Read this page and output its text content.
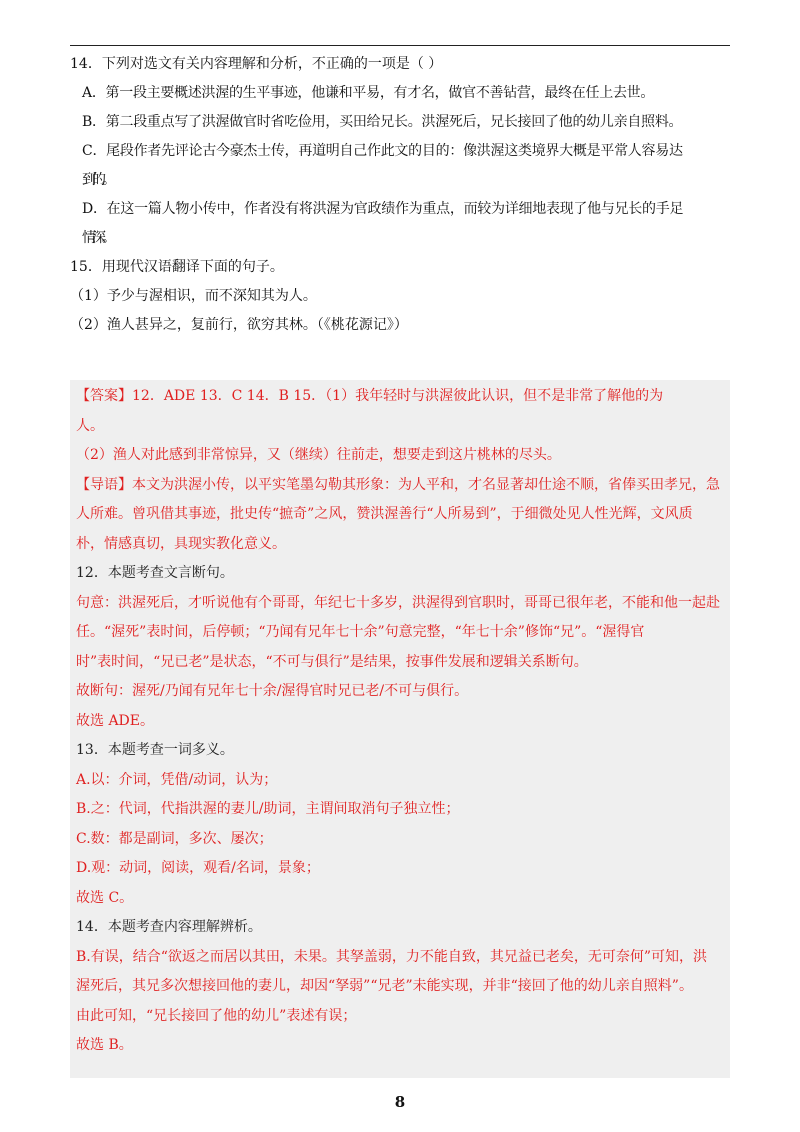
14．下列对选文有关内容理解和分析，不正确的一项是（ ）
A．第一段主要概述洪渥的生平事迹，他谦和平易，有才名，做官不善钻营，最终在任上去世。
B．第二段重点写了洪渥做官时省吃俭用，买田给兄长。洪渥死后，兄长接回了他的幼儿亲自照料。
C．尾段作者先评论古今豪杰士传，再道明自己作此文的目的：像洪渥这类境界大概是平常人容易达
到的。
D．在这一篇人物小传中，作者没有将洪渥为官政绩作为重点，而较为详细地表现了他与兄长的手足
情深。
15．用现代汉语翻译下面的句子。
（1）予少与渥相识，而不深知其为人。
（2）渔人甚异之，复前行，欲穷其林。（《桃花源记》）
【答案】12．ADE 13．C 14．B 15．（1）我年轻时与洪渥彼此认识，但不是非常了解他的为
人。
（2）渔人对此感到非常惊异，又（继续）往前走，想要走到这片桃林的尽头。
【导语】本文为洪渥小传，以平实笔墨勾勒其形象：为人平和，才名显著却仕途不顺，省俸买田孝兄，急
人所难。曾巩借其事迹，批史传“摭奇”之风，赞洪渥善行“人所易到”，于细微处见人性光辉，文风质
朴，情感真切，具现实教化意义。
12．本题考查文言断句。
句意：洪渥死后，才听说他有个哥哥，年纪七十多岁，洪渥得到官职时，哥哥已很年老，不能和他一起赴
任。“渥死”表时间，后停顿；“乃闻有兄年七十余”句意完整，“年七十余”修饰“兄”。“渥得官
时”表时间，“兄已老”是状态，“不可与俱行”是结果，按事件发展和逻辑关系断句。
故断句：渥死/乃闻有兄年七十余/渥得官时兄已老/不可与俱行。
故选 ADE。
13．本题考查一词多义。
A.以：介词，凭借/动词，认为；
B.之：代词，代指洪渥的妻儿/助词，主谓间取消句子独立性；
C.数：都是副词，多次、屡次；
D.观：动词，阅读，观看/名词，景象；
故选 C。
14．本题考查内容理解辨析。
B.有误，结合“欲返之而居以其田，未果。其孥盖弱，力不能自致，其兄益已老矣，无可奈何”可知，洪
渥死后，其兄多次想接回他的妻儿，却因“孥弱”“兄老”未能实现，并非“接回了他的幼儿亲自照料”。
由此可知，“兄长接回了他的幼儿”表述有误；
故选 B。
8
